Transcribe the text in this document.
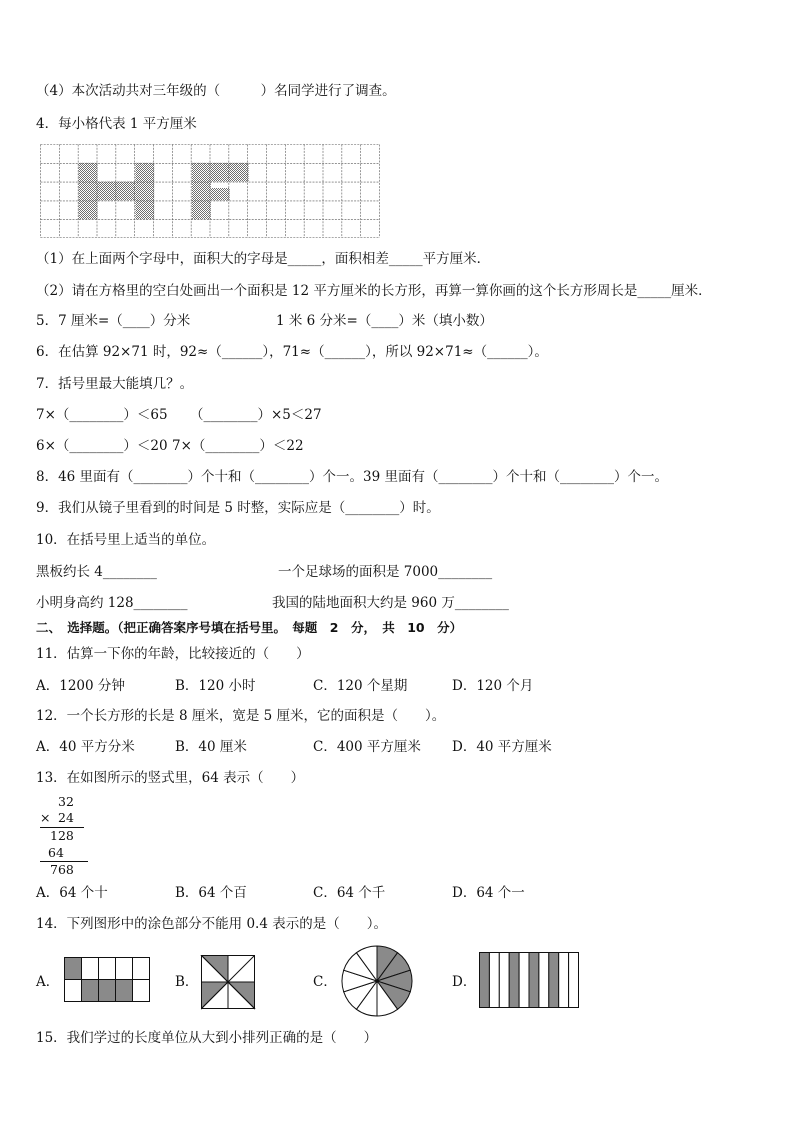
（4）本次活动共对三年级的（　　　）名同学进行了调查。
4．每小格代表 1 平方厘米
（1）在上面两个字母中，面积大的字母是_____，面积相差_____平方厘米．
（2）请在方格里的空白处画出一个面积是 12 平方厘米的长方形，再算一算你画的这个长方形周长是_____厘米．
5．7 厘米=（____）分米	1 米 6 分米=（____）米（填小数）
6．在估算 92×71 时，92≈（______），71≈（______），所以 92×71≈（______）。
7．括号里最大能填几？。
7×（________）＜65 （________）×5＜27
6×（________）＜20 7×（________）＜22
8．46 里面有（________）个十和（________）个一。39 里面有（________）个十和（________）个一。
9．我们从镜子里看到的时间是 5 时整，实际应是（________）时。
10．在括号里上适当的单位。
黑板约长 4________	一个足球场的面积是 7000________
小明身高约 128________	我国的陆地面积大约是 960 万________
二、　选择题。（把正确答案序号填在括号里。　每题　2　分，　共　10　分）
11．估算一下你的年龄，比较接近的（　　）
A．1200 分钟	B．120 小时	C．120 个星期	D．120 个月
12．一个长方形的长是 8 厘米，宽是 5 厘米，它的面积是（　　）。
A．40 平方分米	B．40 厘米	C．400 平方厘米 D．40 平方厘米
13．在如图所示的竖式里，64 表示（　　）
32
× 24
128
64
768
A．64 个十	B．64 个百	C．64 个千	D．64 个一
14．下列图形中的涂色部分不能用 0.4 表示的是（　　）。
A．	B．	C．	D．
15．我们学过的长度单位从大到小排列正确的是（　　）
